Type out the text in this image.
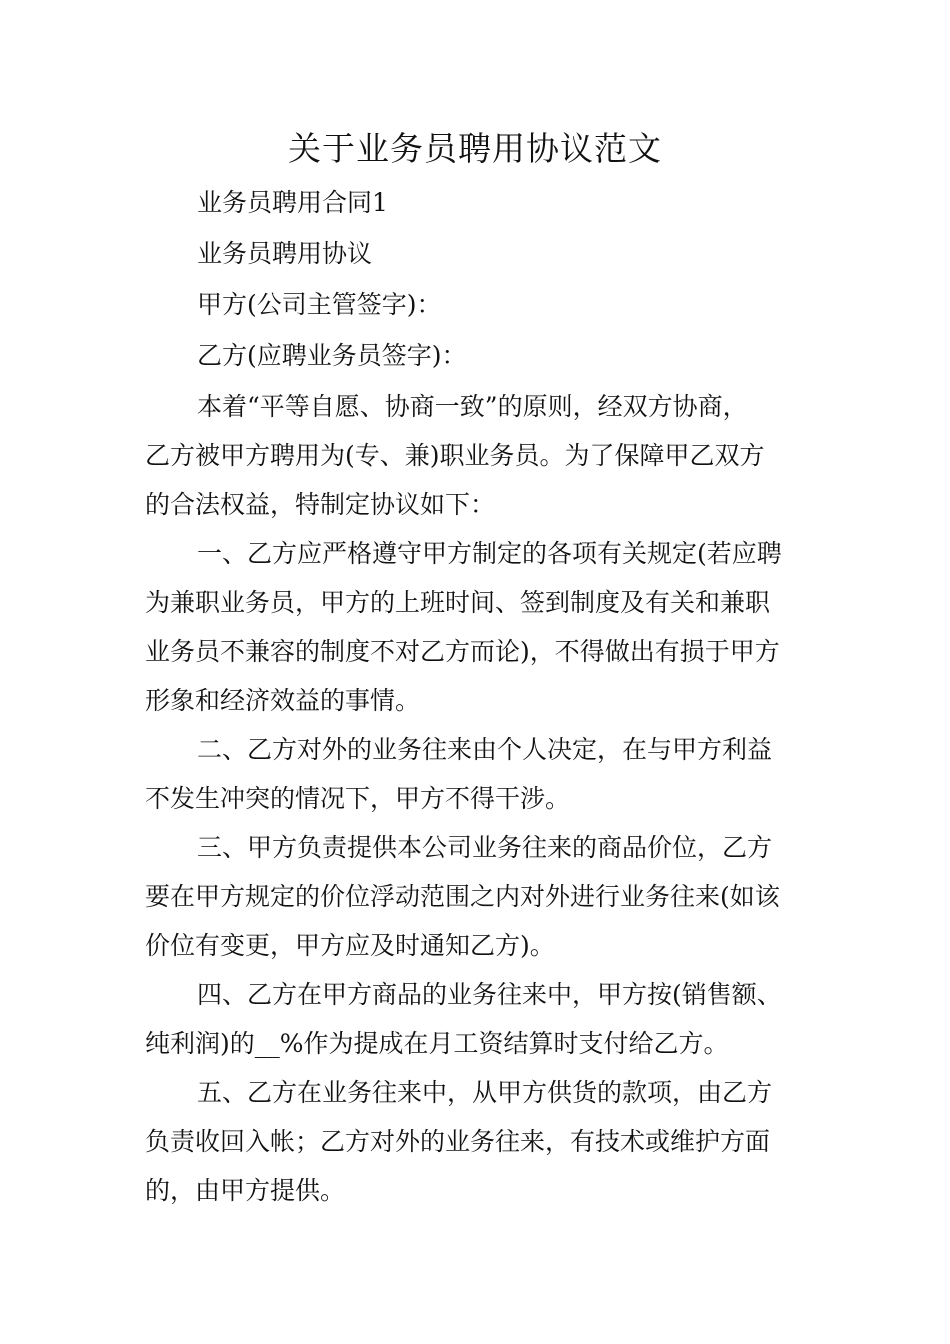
关于业务员聘用协议范文

业务员聘用合同1

业务员聘用协议

甲方(公司主管签字)：

乙方(应聘业务员签字)：

本着“平等自愿、协商一致”的原则，经双方协商，

乙方被甲方聘用为(专、兼)职业务员。为了保障甲乙双方

的合法权益，特制定协议如下：

一、乙方应严格遵守甲方制定的各项有关规定(若应聘

为兼职业务员，甲方的上班时间、签到制度及有关和兼职

业务员不兼容的制度不对乙方而论)，不得做出有损于甲方

形象和经济效益的事情。

二、乙方对外的业务往来由个人决定，在与甲方利益

不发生冲突的情况下，甲方不得干涉。

三、甲方负责提供本公司业务往来的商品价位，乙方

要在甲方规定的价位浮动范围之内对外进行业务往来(如该

价位有变更，甲方应及时通知乙方)。

四、乙方在甲方商品的业务往来中，甲方按(销售额、

纯利润)的__%作为提成在月工资结算时支付给乙方。

五、乙方在业务往来中，从甲方供货的款项，由乙方

负责收回入帐；乙方对外的业务往来，有技术或维护方面

的，由甲方提供。
